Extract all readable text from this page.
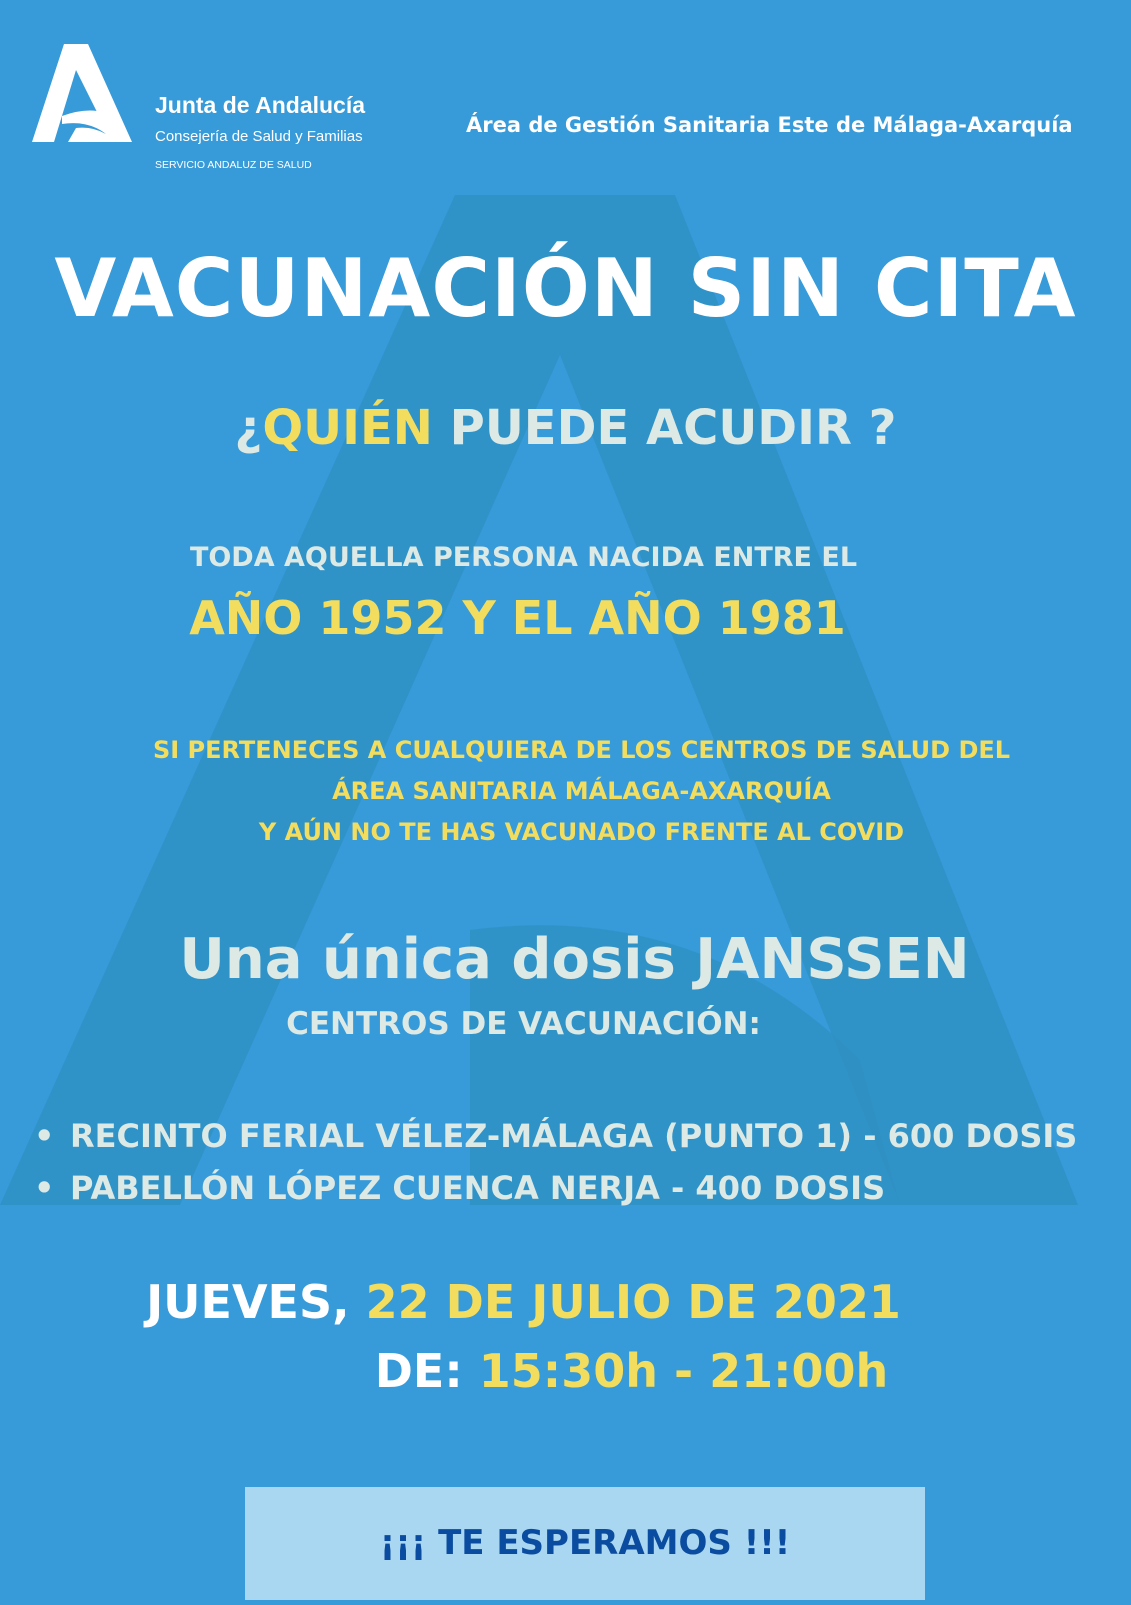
Junta de Andalucía
Consejería de Salud y Familias
SERVICIO ANDALUZ DE SALUD
Área de Gestión Sanitaria Este de Málaga-Axarquía
VACUNACIÓN SIN CITA
¿QUIÉN PUEDE ACUDIR ?
TODA AQUELLA PERSONA NACIDA ENTRE EL
AÑO 1952 Y EL AÑO 1981
SI PERTENECES A CUALQUIERA DE LOS CENTROS DE SALUD DEL
ÁREA SANITARIA MÁLAGA-AXARQUÍA
Y AÚN NO TE HAS VACUNADO FRENTE AL COVID
Una única dosis JANSSEN
CENTROS DE VACUNACIÓN:
• RECINTO FERIAL VÉLEZ-MÁLAGA (PUNTO 1) - 600 DOSIS
• PABELLÓN LÓPEZ CUENCA NERJA - 400 DOSIS
JUEVES, 22 DE JULIO DE 2021
DE: 15:30h - 21:00h
¡¡¡ TE ESPERAMOS !!!
